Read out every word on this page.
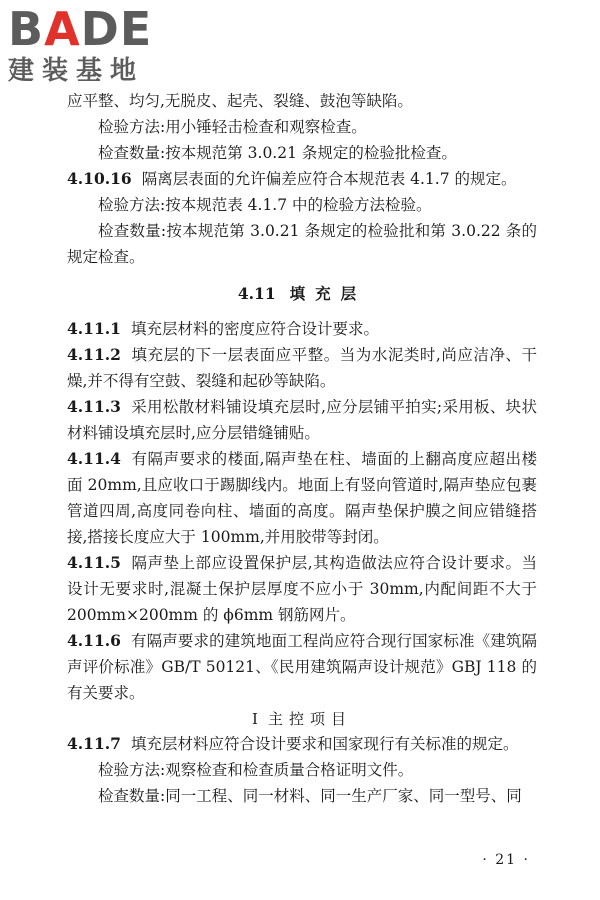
BADE
建装基地

应平整、均匀,无脱皮、起壳、裂缝、鼓泡等缺陷。

检验方法:用小锤轻击检查和观察检查。

检查数量:按本规范第 3.0.21 条规定的检验批检查。

4.10.16 隔离层表面的允许偏差应符合本规范表 4.1.7 的规定。

检验方法:按本规范表 4.1.7 中的检验方法检验。

检查数量:按本规范第 3.0.21 条规定的检验批和第 3.0.22 条的规定检查。

4.11 填充层

4.11.1 填充层材料的密度应符合设计要求。

4.11.2 填充层的下一层表面应平整。当为水泥类时,尚应洁净、干燥,并不得有空鼓、裂缝和起砂等缺陷。

4.11.3 采用松散材料铺设填充层时,应分层铺平拍实;采用板、块状材料铺设填充层时,应分层错缝铺贴。

4.11.4 有隔声要求的楼面,隔声垫在柱、墙面的上翻高度应超出楼面 20mm,且应收口于踢脚线内。地面上有竖向管道时,隔声垫应包裹管道四周,高度同卷向柱、墙面的高度。隔声垫保护膜之间应错缝搭接,搭接长度应大于 100mm,并用胶带等封闭。

4.11.5 隔声垫上部应设置保护层,其构造做法应符合设计要求。当设计无要求时,混凝土保护层厚度不应小于 30mm,内配间距不大于 200mm×200mm 的 ϕ6mm 钢筋网片。

4.11.6 有隔声要求的建筑地面工程尚应符合现行国家标准《建筑隔声评价标准》GB/T 50121、《民用建筑隔声设计规范》GBJ 118 的有关要求。

Ⅰ 主控项目

4.11.7 填充层材料应符合设计要求和国家现行有关标准的规定。

检验方法:观察检查和检查质量合格证明文件。

检查数量:同一工程、同一材料、同一生产厂家、同一型号、同

· 21 ·
